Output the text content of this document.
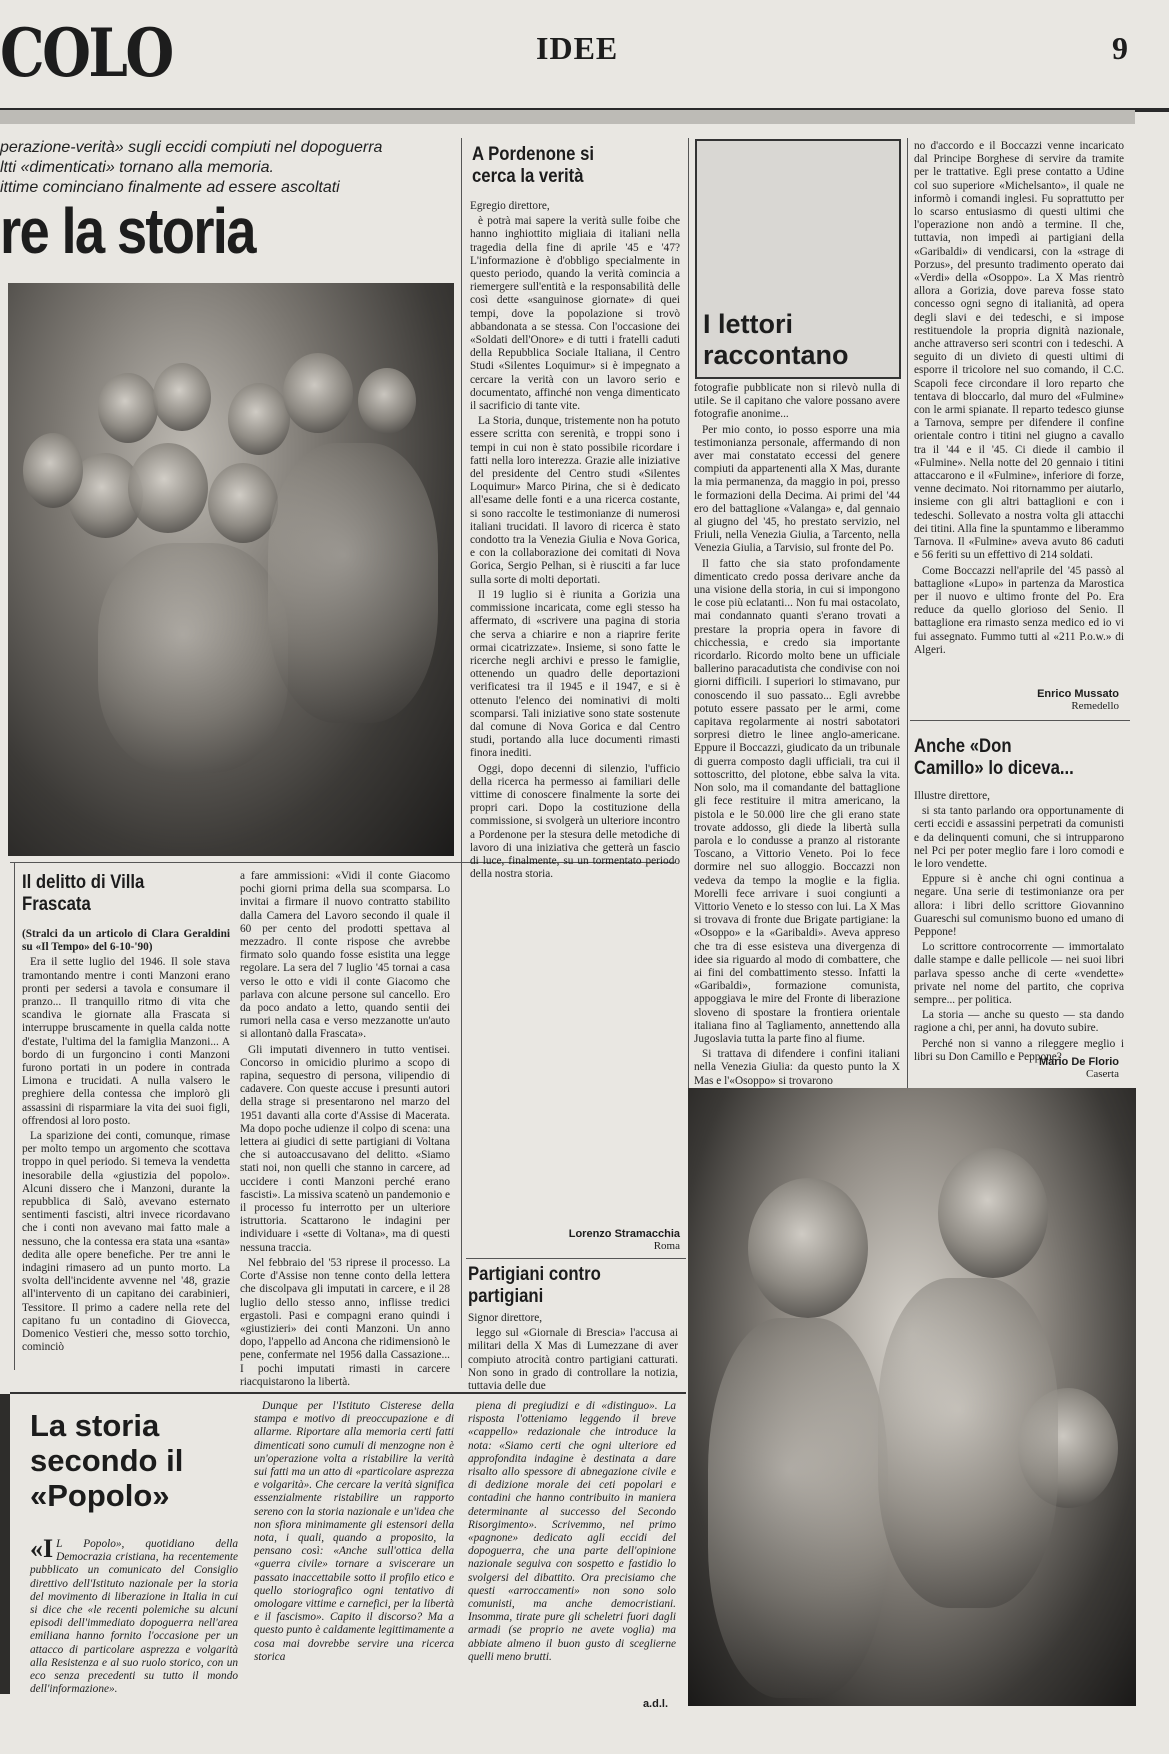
COLO	IDEE	9
perazione-verità» sugli eccidi compiuti nel dopoguerra
ltti «dimenticati» tornano alla memoria.
ittime cominciano finalmente ad essere ascoltati
re la storia
Il delitto di Villa Frascata

(Stralci da un articolo di Clara Geraldini su «Il Tempo» del 6-10-'90)

Era il sette luglio del 1946. Il sole stava tramontando mentre i conti Manzoni erano pronti per sedersi a tavola e consumare il pranzo... Il tranquillo ritmo di vita che scandiva le giornate alla Frascata si interruppe bruscamente in quella calda notte d'estate, l'ultima del la famiglia Manzoni... A bordo di un furgoncino i conti Manzoni furono portati in un podere in contrada Limona e trucidati. A nulla valsero le preghiere della contessa che implorò gli assassini di risparmiare la vita dei suoi figli, offrendosi al loro posto.

La sparizione dei conti, comunque, rimase per molto tempo un argomento che scottava troppo in quel periodo. Si temeva la vendetta inesorabile della «giustizia del popolo». Alcuni dissero che i Manzoni, durante la repubblica di Salò, avevano esternato sentimenti fascisti, altri invece ricordavano che i conti non avevano mai fatto male a nessuno, che la contessa era stata una «santa» dedita alle opere benefiche. Per tre anni le indagini rimasero ad un punto morto. La svolta dell'incidente avvenne nel '48, grazie all'intervento di un capitano dei carabinieri, Tessitore. Il primo a cadere nella rete del capitano fu un contadino di Giovecca, Domenico Vestieri che, messo sotto torchio, cominciò

a fare ammissioni: «Vidi il conte Giacomo pochi giorni prima della sua scomparsa. Lo invitai a firmare il nuovo contratto stabilito dalla Camera del Lavoro secondo il quale il 60 per cento del prodotti spettava al mezzadro. Il conte rispose che avrebbe firmato solo quando fosse esistita una legge regolare. La sera del 7 luglio '45 tornai a casa verso le otto e vidi il conte Giacomo che parlava con alcune persone sul cancello. Ero da poco andato a letto, quando sentii dei rumori nella casa e verso mezzanotte un'auto si allontanò dalla Frascata».

Gli imputati divennero in tutto ventisei. Concorso in omicidio plurimo a scopo di rapina, sequestro di persona, vilipendio di cadavere. Con queste accuse i presunti autori della strage si presentarono nel marzo del 1951 davanti alla corte d'Assise di Macerata. Ma dopo poche udienze il colpo di scena: una lettera ai giudici di sette partigiani di Voltana che si autoaccusavano del delitto. «Siamo stati noi, non quelli che stanno in carcere, ad uccidere i conti Manzoni perché erano fascisti». La missiva scatenò un pandemonio e il processo fu interrotto per un ulteriore istruttoria. Scattarono le indagini per individuare i «sette di Voltana», ma di questi nessuna traccia.

Nel febbraio del '53 riprese il processo. La Corte d'Assise non tenne conto della lettera che discolpava gli imputati in carcere, e il 28 luglio dello stesso anno, inflisse tredici ergastoli. Pasi e compagni erano quindi i «giustizieri» dei conti Manzoni. Un anno dopo, l'appello ad Ancona che ridimensionò le pene, confermate nel 1956 dalla Cassazione... I pochi imputati rimasti in carcere riacquistarono la libertà.

A Pordenone si cerca la verità

Egregio direttore,

è potrà mai sapere la verità sulle foibe che hanno inghiottito migliaia di italiani nella tragedia della fine di aprile '45 e '47? L'informazione è d'obbligo specialmente in questo periodo, quando la verità comincia a riemergere sull'entità e la responsabilità delle così dette «sanguinose giornate» di quei tempi, dove la popolazione si trovò abbandonata a se stessa. Con l'occasione dei «Soldati dell'Onore» e di tutti i fratelli caduti della Repubblica Sociale Italiana, il Centro Studi «Silentes Loquimur» si è impegnato a cercare la verità con un lavoro serio e documentato, affinché non venga dimenticato il sacrificio di tante vite.

La Storia, dunque, tristemente non ha potuto essere scritta con serenità, e troppi sono i tempi in cui non è stato possibile ricordare i fatti nella loro interezza. Grazie alle iniziative del presidente del Centro studi «Silentes Loquimur» Marco Pirina, che si è dedicato all'esame delle fonti e a una ricerca costante, si sono raccolte le testimonianze di numerosi italiani trucidati. Il lavoro di ricerca è stato condotto tra la Venezia Giulia e Nova Gorica, e con la collaborazione dei comitati di Nova Gorica, Sergio Pelhan, si è riusciti a far luce sulla sorte di molti deportati.

Il 19 luglio si è riunita a Gorizia una commissione incaricata, come egli stesso ha affermato, di «scrivere una pagina di storia che serva a chiarire e non a riaprire ferite ormai cicatrizzate». Insieme, si sono fatte le ricerche negli archivi e presso le famiglie, ottenendo un quadro delle deportazioni verificatesi tra il 1945 e il 1947, e si è ottenuto l'elenco dei nominativi di molti scomparsi. Tali iniziative sono state sostenute dal comune di Nova Gorica e dal Centro studi, portando alla luce documenti rimasti finora inediti.

Oggi, dopo decenni di silenzio, l'ufficio della ricerca ha permesso ai familiari delle vittime di conoscere finalmente la sorte dei propri cari. Dopo la costituzione della commissione, si svolgerà un ulteriore incontro a Pordenone per la stesura delle metodiche di lavoro di una iniziativa che getterà un fascio di luce, finalmente, su un tormentato periodo della nostra storia.

Lorenzo Stramacchia
Roma
Partigiani contro partigiani

Signor direttore,

leggo sul «Giornale di Brescia» l'accusa ai militari della X Mas di Lumezzane di aver compiuto atrocità contro partigiani catturati. Non sono in grado di controllare la notizia, tuttavia delle due

I lettori raccontano

fotografie pubblicate non si rilevò nulla di utile. Se il capitano che valore possano avere fotografie anonime...

Per mio conto, io posso esporre una mia testimonianza personale, affermando di non aver mai constatato eccessi del genere compiuti da appartenenti alla X Mas, durante la mia permanenza, da maggio in poi, presso le formazioni della Decima. Ai primi del '44 ero del battaglione «Valanga» e, dal gennaio al giugno del '45, ho prestato servizio, nel Friuli, nella Venezia Giulia, a Tarcento, nella Venezia Giulia, a Tarvisio, sul fronte del Po.

Il fatto che sia stato profondamente dimenticato credo possa derivare anche da una visione della storia, in cui si impongono le cose più eclatanti... Non fu mai ostacolato, mai condannato quanti s'erano trovati a prestare la propria opera in favore di chicchessia, e credo sia importante ricordarlo. Ricordo molto bene un ufficiale ballerino paracadutista che condivise con noi giorni difficili. I superiori lo stimavano, pur conoscendo il suo passato... Egli avrebbe potuto essere passato per le armi, come capitava regolarmente ai nostri sabotatori sorpresi dietro le linee anglo-americane. Eppure il Boccazzi, giudicato da un tribunale di guerra composto dagli ufficiali, tra cui il sottoscritto, del plotone, ebbe salva la vita. Non solo, ma il comandante del battaglione gli fece restituire il mitra americano, la pistola e le 50.000 lire che gli erano state trovate addosso, gli diede la libertà sulla parola e lo condusse a pranzo al ristorante Toscano, a Vittorio Veneto. Poi lo fece dormire nel suo alloggio. Boccazzi non vedeva da tempo la moglie e la figlia. Morelli fece arrivare i suoi congiunti a Vittorio Veneto e lo stesso con lui. La X Mas si trovava di fronte due Brigate partigiane: la «Osoppo» e la «Garibaldi». Aveva appreso che tra di esse esisteva una divergenza di idee sia riguardo al modo di combattere, che ai fini del combattimento stesso. Infatti la «Garibaldi», formazione comunista, appoggiava le mire del Fronte di liberazione sloveno di spostare la frontiera orientale italiana fino al Tagliamento, annettendo alla Jugoslavia tutta la parte fino al fiume.

Si trattava di difendere i confini italiani nella Venezia Giulia: da questo punto la X Mas e l'«Osoppo» si trovarono

no d'accordo e il Boccazzi venne incaricato dal Principe Borghese di servire da tramite per le trattative. Egli prese contatto a Udine col suo superiore «Michelsanto», il quale ne informò i comandi inglesi. Fu soprattutto per lo scarso entusiasmo di questi ultimi che l'operazione non andò a termine. Il che, tuttavia, non impedì ai partigiani della «Garibaldi» di vendicarsi, con la «strage di Porzus», del presunto tradimento operato dai «Verdi» della «Osoppo». La X Mas rientrò allora a Gorizia, dove pareva fosse stato concesso ogni segno di italianità, ad opera degli slavi e dei tedeschi, e si impose restituendole la propria dignità nazionale, anche attraverso seri scontri con i tedeschi. A seguito di un divieto di questi ultimi di esporre il tricolore nel suo comando, il C.C. Scapoli fece circondare il loro reparto che tentava di bloccarlo, dal muro del «Fulmine» con le armi spianate. Il reparto tedesco giunse a Tarnova, sempre per difendere il confine orientale contro i titini nel giugno a cavallo tra il '44 e il '45. Ci diede il cambio il «Fulmine». Nella notte del 20 gennaio i titini attaccarono e il «Fulmine», inferiore di forze, venne decimato. Noi ritornammo per aiutarlo, insieme con gli altri battaglioni e con i tedeschi. Sollevato a nostra volta gli attacchi dei titini. Alla fine la spuntammo e liberammo Tarnova. Il «Fulmine» aveva avuto 86 caduti e 56 feriti su un effettivo di 214 soldati.

Come Boccazzi nell'aprile del '45 passò al battaglione «Lupo» in partenza da Marostica per il nuovo e ultimo fronte del Po. Era reduce da quello glorioso del Senio. Il battaglione era rimasto senza medico ed io vi fui assegnato. Fummo tutti al «211 P.o.w.» di Algeri.

Enrico Mussato
Remedello
Anche «Don Camillo» lo diceva...

Illustre direttore,

si sta tanto parlando ora opportunamente di certi eccidi e assassini perpetrati da comunisti e da delinquenti comuni, che si intrupparono nel Pci per poter meglio fare i loro comodi e le loro vendette.

Eppure si è anche chi ogni continua a negare. Una serie di testimonianze ora per allora: i libri dello scrittore Giovannino Guareschi sul comunismo buono ed umano di Peppone!

Lo scrittore controcorrente — immortalato dalle stampe e dalle pellicole — nei suoi libri parlava spesso anche di certe «vendette» private nel nome del partito, che copriva sempre... per politica.

La storia — anche su questo — sta dando ragione a chi, per anni, ha dovuto subire.

Perché non si vanno a rileggere meglio i libri su Don Camillo e Peppone?

Mario De Florio
Caserta
La storia secondo il «Popolo»

«I L Popolo», quotidiano della Democrazia cristiana, ha recentemente pubblicato un comunicato del Consiglio direttivo dell'Istituto nazionale per la storia del movimento di liberazione in Italia in cui si dice che «le recenti polemiche su alcuni episodi dell'immediato dopoguerra nell'area emiliana hanno fornito l'occasione per un attacco di particolare asprezza e volgarità alla Resistenza e al suo ruolo storico, con un eco senza precedenti su tutto il mondo dell'informazione».

Dunque per l'Istituto Cisterese della stampa e motivo di preoccupazione e di allarme. Riportare alla memoria certi fatti dimenticati sono cumuli di menzogne non è un'operazione volta a ristabilire la verità sui fatti ma un atto di «particolare asprezza e volgarità». Che cercare la verità significa essenzialmente ristabilire un rapporto sereno con la storia nazionale e un'idea che non sfiora minimamente gli estensori della nota, i quali, quando a proposito, la pensano così: «Anche sull'ottica della «guerra civile» tornare a sviscerare un passato inaccettabile sotto il profilo etico e quello storiografico ogni tentativo di omologare vittime e carnefici, per la libertà e il fascismo». Capito il discorso? Ma a questo punto è caldamente legittimamente a cosa mai dovrebbe servire una ricerca storica

piena di pregiudizi e di «distinguo». La risposta l'otteniamo leggendo il breve «cappello» redazionale che introduce la nota: «Siamo certi che ogni ulteriore ed approfondita indagine è destinata a dare risalto allo spessore di abnegazione civile e di dedizione morale dei ceti popolari e contadini che hanno contribuito in maniera determinante al successo del Secondo Risorgimento». Scrivemmo, nel primo «pagnone» dedicato agli eccidi del dopoguerra, che una parte dell'opinione nazionale seguiva con sospetto e fastidio lo svolgersi del dibattito. Ora precisiamo che questi «arroccamenti» non sono solo comunisti, ma anche democristiani. Insomma, tirate pure gli scheletri fuori dagli armadi (se proprio ne avete voglia) ma abbiate almeno il buon gusto di sceglierne quelli meno brutti.

a.d.l.
